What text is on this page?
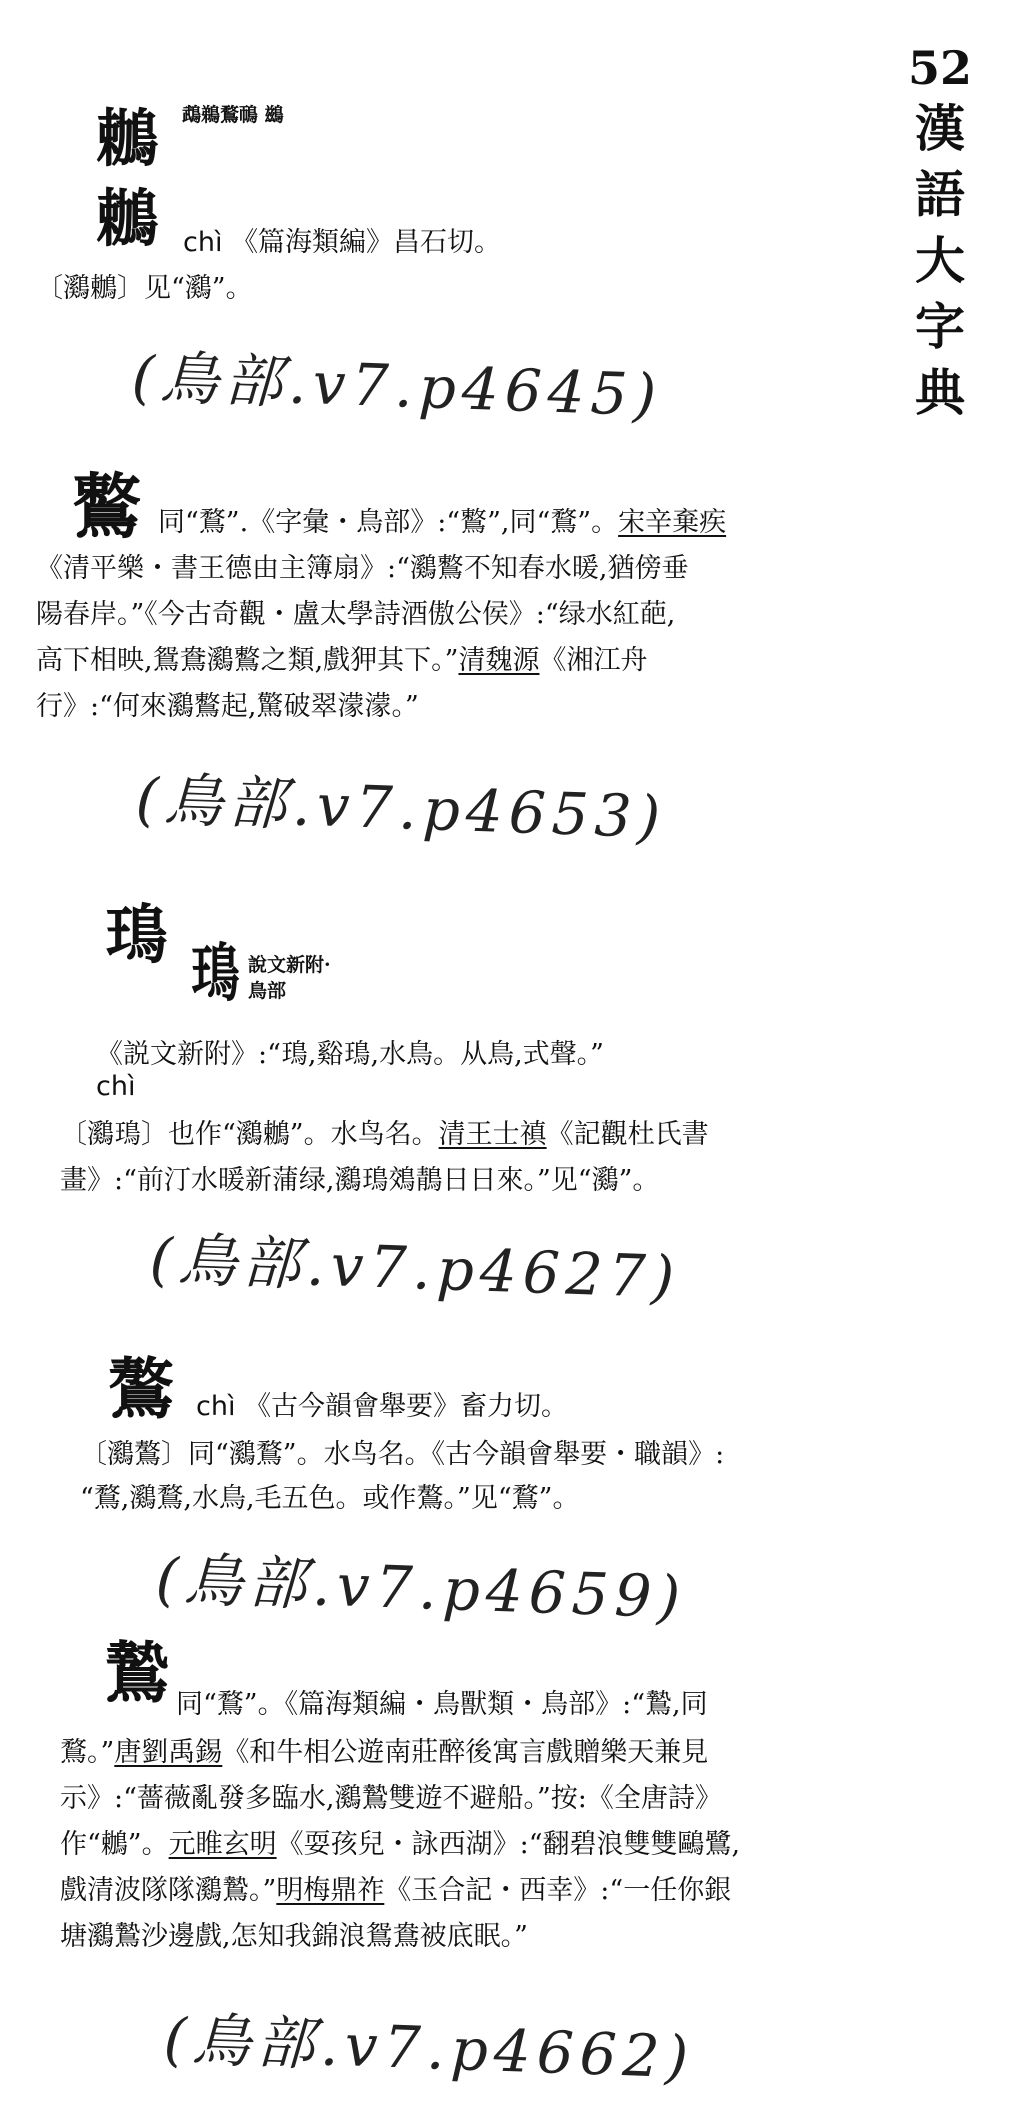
52
漢
語
大
字
典
鶒 鵡鵜鶩鳾 鷀
鶒 chì 《篇海類編》昌石切。
〔鸂鶒〕见“鸂”。
(鳥部.v7.p4645)
鷘 同“鶩”.《字彙・鳥部》:“鷘”,同“鶩”。宋辛棄疾
《清平樂・書王德由主簿扇》:“鸂鷘不知春水暖,猶傍垂
陽春岸。”《今古奇觀・盧太學詩酒傲公侯》:“绿水紅葩,
高下相映,鴛鴦鸂鷘之類,戲狎其下。”清魏源《湘江舟
行》:“何來鸂鷘起,驚破翠濛濛。”
(鳥部.v7.p4653)
鳿 鳿 說文新附·
鳥部
《説文新附》:“鳿,谿鳿,水鳥。从鳥,式聲。”
chì
〔鸂鳿〕也作“鸂鶒”。水鸟名。清王士禛《記觀杜氏書
畫》:“前汀水暖新蒲绿,鸂鳿鵁鶄日日來。”见“鸂”。
(鳥部.v7.p4627)
鷔 chì 《古今韻會舉要》畜力切。
〔鸂鷔〕同“鸂鶩”。水鸟名。《古今韻會舉要・職韻》:
“鶩,鸂鶩,水鳥,毛五色。或作鷔。”见“鶩”。
(鳥部.v7.p4659)
鷙 同“鶩”。《篇海類編・鳥獸類・鳥部》:“鷙,同
鶩。”唐劉禹錫《和牛相公遊南莊醉後寓言戲贈樂天兼見
示》:“薔薇亂發多臨水,鸂鷙雙遊不避船。”按:《全唐詩》
作“鶒”。元睢玄明《耍孩兒・詠西湖》:“翻碧浪雙雙鷗鷺,
戲清波隊隊鸂鷙。”明梅鼎祚《玉合記・西幸》:“一任你銀
塘鸂鷙沙邊戲,怎知我錦浪鴛鴦被底眠。”
(鳥部.v7.p4662)
